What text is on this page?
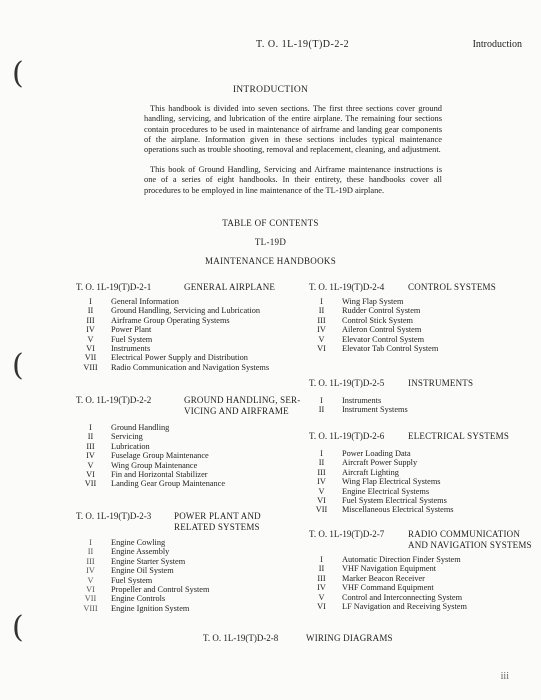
T. O. 1L-19(T)D-2-2	Introduction
(
(
(
INTRODUCTION
This handbook is divided into seven sections. The first three sections cover ground handling, servicing, and lubrication of the entire airplane. The remaining four sections contain procedures to be used in maintenance of airframe and landing gear components of the airplane. Information given in these sections includes typical maintenance operations such as trouble shooting, removal and replacement, cleaning, and adjustment.
This book of Ground Handling, Servicing and Airframe maintenance instructions is one of a series of eight handbooks. In their entirety, these handbooks cover all procedures to be employed in line maintenance of the TL-19D airplane.
TABLE OF CONTENTS
TL-19D
MAINTENANCE HANDBOOKS
T. O. 1L-19(T)D-2-1	GENERAL AIRPLANE
I	General Information
II	Ground Handling, Servicing and Lubrication
III	Airframe Group Operating Systems
IV	Power Plant
V	Fuel System
VI	Instruments
VII	Electrical Power Supply and Distribution
VIII Radio Communication and Navigation Systems
T. O. 1L-19(T)D-2-2	GROUND HANDLING, SER-
VICING AND AIRFRAME
I	Ground Handling
II	Servicing
III	Lubrication
IV	Fuselage Group Maintenance
V	Wing Group Maintenance
VI	Fin and Horizontal Stabilizer
VII	Landing Gear Group Maintenance
T. O. 1L-19(T)D-2-3	POWER PLANT AND
RELATED SYSTEMS
I	Engine Cowling
II	Engine Assembly
III	Engine Starter System
IV	Engine Oil System
V	Fuel System
VI	Propeller and Control System
VII	Engine Controls
VIII Engine Ignition System
T. O. 1L-19(T)D-2-4	CONTROL SYSTEMS
I	Wing Flap System
II	Rudder Control System
III	Control Stick System
IV	Aileron Control System
V	Elevator Control System
VI	Elevator Tab Control System
T. O. 1L-19(T)D-2-5	INSTRUMENTS
I	Instruments
II	Instrument Systems
T. O. 1L-19(T)D-2-6	ELECTRICAL SYSTEMS
I	Power Loading Data
II	Aircraft Power Supply
III	Aircraft Lighting
IV	Wing Flap Electrical Systems
V	Engine Electrical Systems
VI	Fuel System Electrical Systems
VII	Miscellaneous Electrical Systems
T. O. 1L-19(T)D-2-7	RADIO COMMUNICATION
AND NAVIGATION SYSTEMS
I	Automatic Direction Finder System
II	VHF Navigation Equipment
III	Marker Beacon Receiver
IV	VHF Command Equipment
V	Control and Interconnecting System
VI	LF Navigation and Receiving System
T. O. 1L-19(T)D-2-8	WIRING DIAGRAMS
iii
